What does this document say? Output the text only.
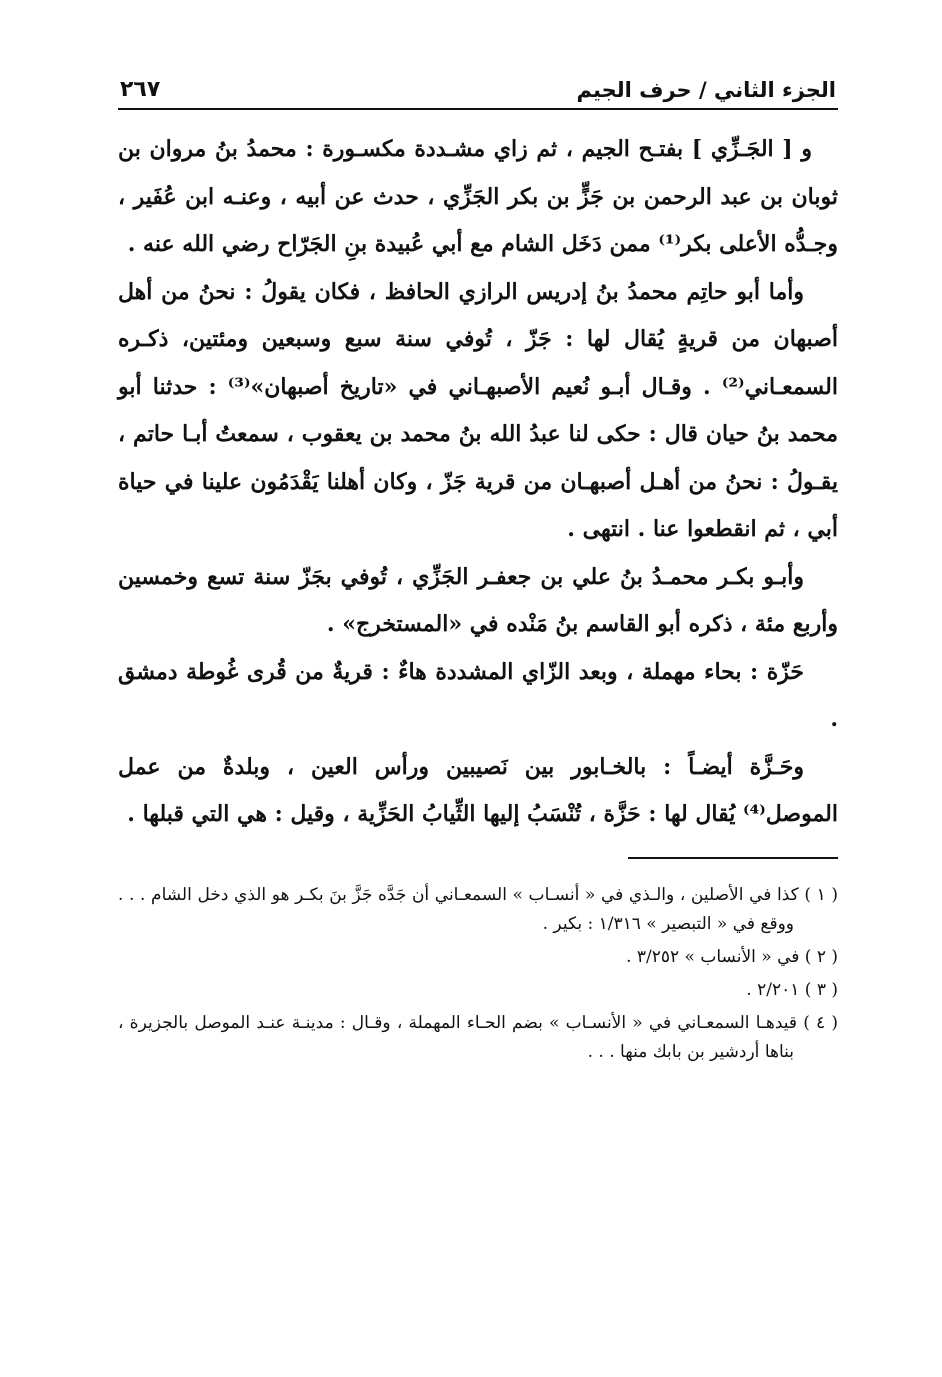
الجزء الثاني / حرف الجيم
٢٦٧

و [ الجَـزِّي ] بفتـح الجيم ، ثم زاي مشـددة مكسـورة : محمدُ بنُ مروان بن ثوبان بن عبد الرحمن بن جَزٍّ بن بكر الجَزِّي ، حدث عن أبيه ، وعنـه ابن عُفَير ، وجـدُّه الأعلى بكر⁽¹⁾ ممن دَخَل الشام مع أبي عُبيدة بنِ الجَرّاح رضي الله عنه .

وأما أبو حاتِم محمدُ بنُ إدريس الرازي الحافظ ، فكان يقولُ : نحنُ من أهل أصبهان من قريةٍ يُقال لها : جَزّ ، تُوفي سنة سبع وسبعين ومئتين، ذكـره السمعـاني⁽²⁾ . وقـال أبـو نُعيم الأصبهـاني في «تاريخ أصبهان»⁽³⁾ : حدثنا أبو محمد بنُ حيان قال : حكى لنا عبدُ الله بنُ محمد بن يعقوب ، سمعتُ أبـا حاتم ، يقـولُ : نحنُ من أهـل أصبهـان من قرية جَزّ ، وكان أهلنا يَقْدَمُون علينا في حياة أبي ، ثم انقطعوا عنا . انتهى .

وأبـو بكـر محمـدُ بنُ علي بن جعفـر الجَزِّي ، تُوفي بجَزّ سنة تسع وخمسين وأربع مئة ، ذكره أبو القاسم بنُ مَنْده في «المستخرج» .

حَزّة : بحاء مهملة ، وبعد الزّاي المشددة هاءٌ : قريةٌ من قُرى غُوطة دمشق .

وحَـزَّة أيضـاً : بالخـابور بين نَصيبين ورأس العين ، وبلدةٌ من عمل الموصل⁽⁴⁾ يُقال لها : حَزَّة ، تُنْسَبُ إليها الثِّيابُ الحَزِّية ، وقيل : هي التي قبلها .

( ١ ) كذا في الأصلين ، والـذي في « أنسـاب » السمعـاني أن جَدَّه جَزَّ بنَ بكـر هو الذي دخل الشام . . . ووقع في « التبصير » ١/٣١٦ : بكير .

( ٢ ) في « الأنساب » ٣/٢٥٢ .

( ٣ ) ٢/٢٠١ .

( ٤ ) قيدهـا السمعـاني في « الأنسـاب » بضم الحـاء المهملة ، وقـال : مدينـة عنـد الموصل بالجزيرة ، بناها أردشير بن بابك منها . . .
